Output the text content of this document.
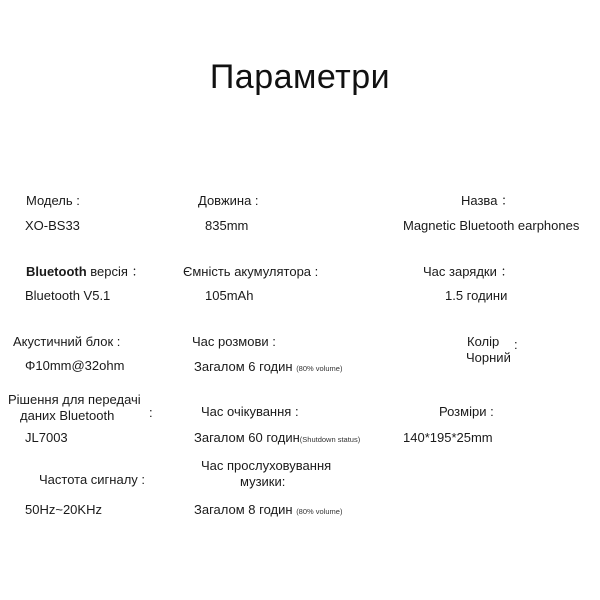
Параметри
Модель :
XO-BS33
Довжина :
835mm
Назва ：
Magnetic Bluetooth earphones
Bluetooth версія ：
Bluetooth V5.1
Ємність акумулятора :
105mAh
Час зарядки ：
1.5 години
Акустичний блок :
Φ10mm@32ohm
Час розмови :
Загалом 6 годин (80% volume)
Колір :
Чорний
Рішення для передачі
даних Bluetooth	:
JL7003
Час очікування :
Загалом 60 годин(Shutdown status)
Розміри :
140*195*25mm
Частота сигналу :
50Hz~20KHz
Час прослуховування
музики:
Загалом 8 годин (80% volume)
